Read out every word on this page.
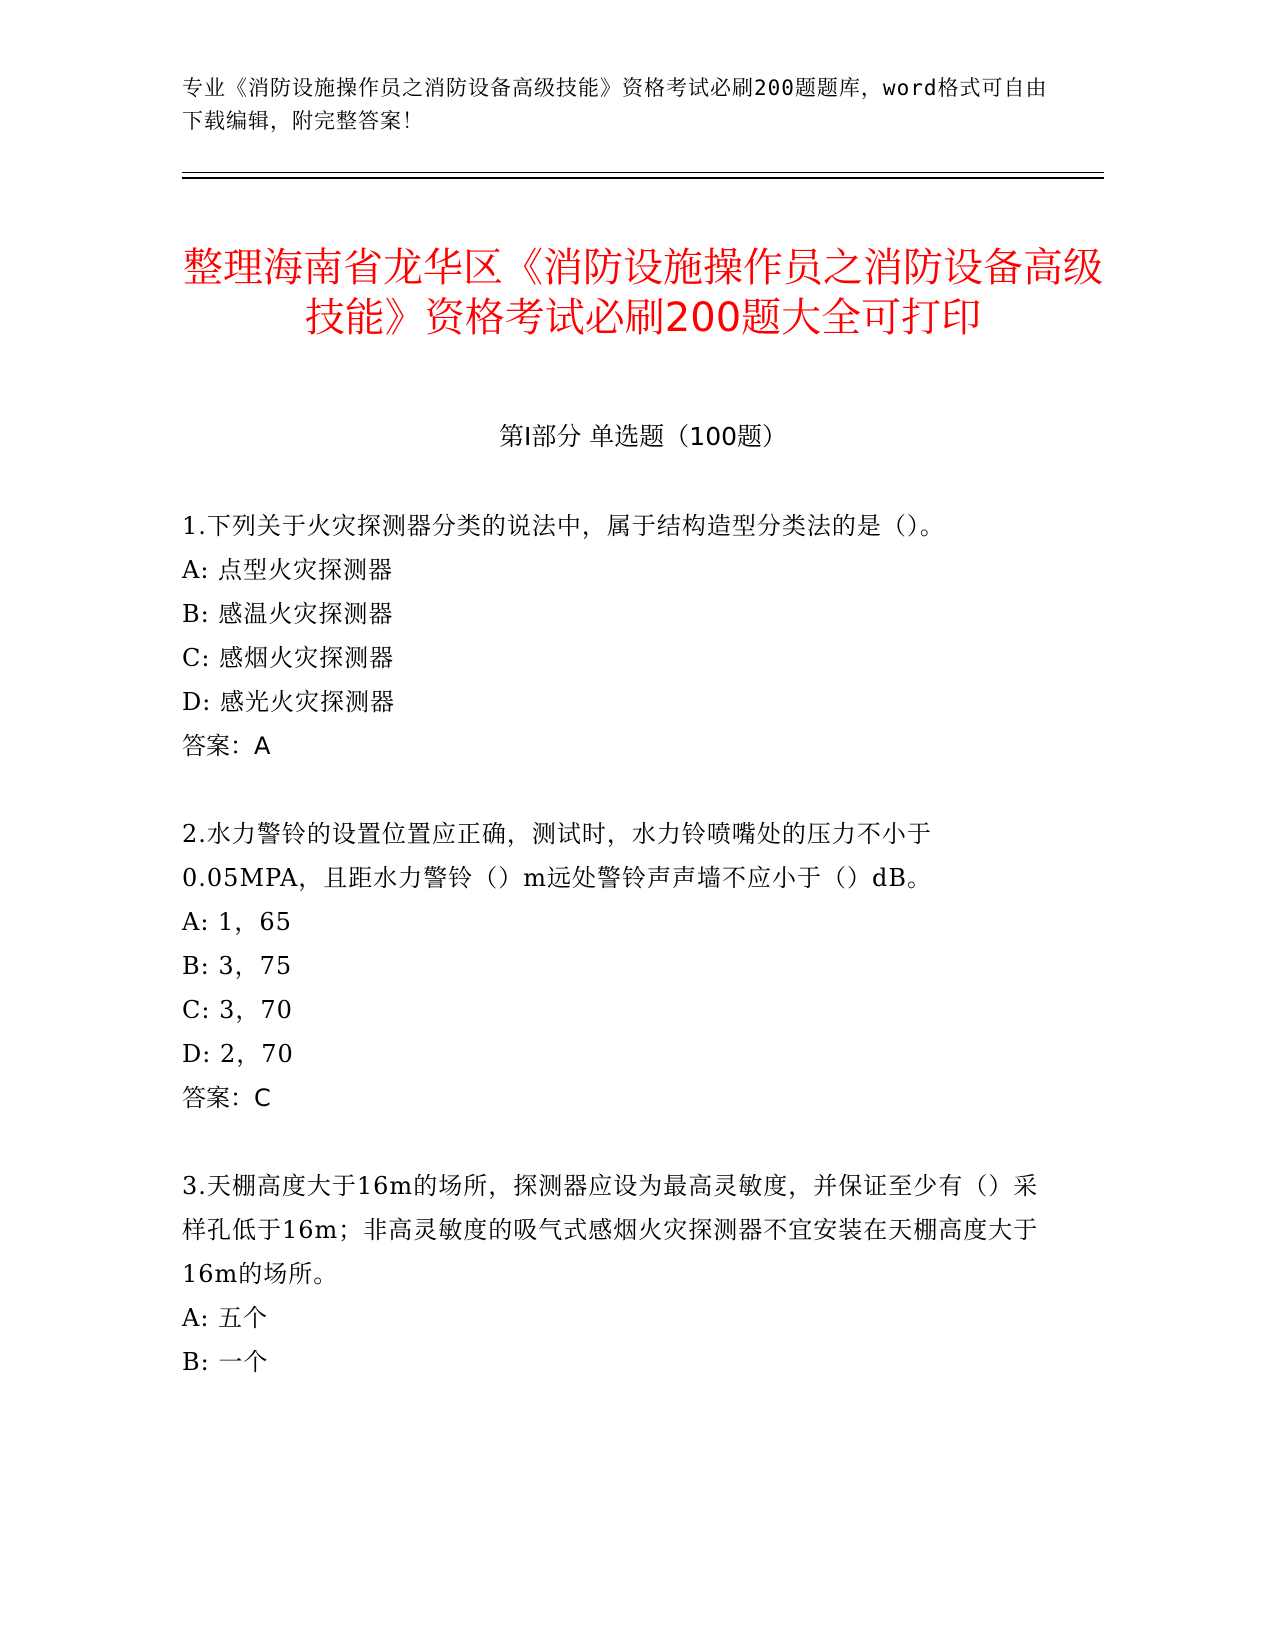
专业《消防设施操作员之消防设备高级技能》资格考试必刷200题题库，word格式可自由下载编辑，附完整答案！
整理海南省龙华区《消防设施操作员之消防设备高级技能》资格考试必刷200题大全可打印
第Ⅰ部分 单选题（100题）

1.下列关于火灾探测器分类的说法中，属于结构造型分类法的是（）。

A: 点型火灾探测器

B: 感温火灾探测器

C: 感烟火灾探测器

D: 感光火灾探测器

答案：A

2.水力警铃的设置位置应正确，测试时，水力铃喷嘴处的压力不小于0.05MPA，且距水力警铃（）m远处警铃声声墙不应小于（）dB。

A: 1，65

B: 3，75

C: 3，70

D: 2，70

答案：C

3.天棚高度大于16m的场所，探测器应设为最高灵敏度，并保证至少有（）采样孔低于16m；非高灵敏度的吸气式感烟火灾探测器不宜安装在天棚高度大于16m的场所。

A: 五个

B: 一个
